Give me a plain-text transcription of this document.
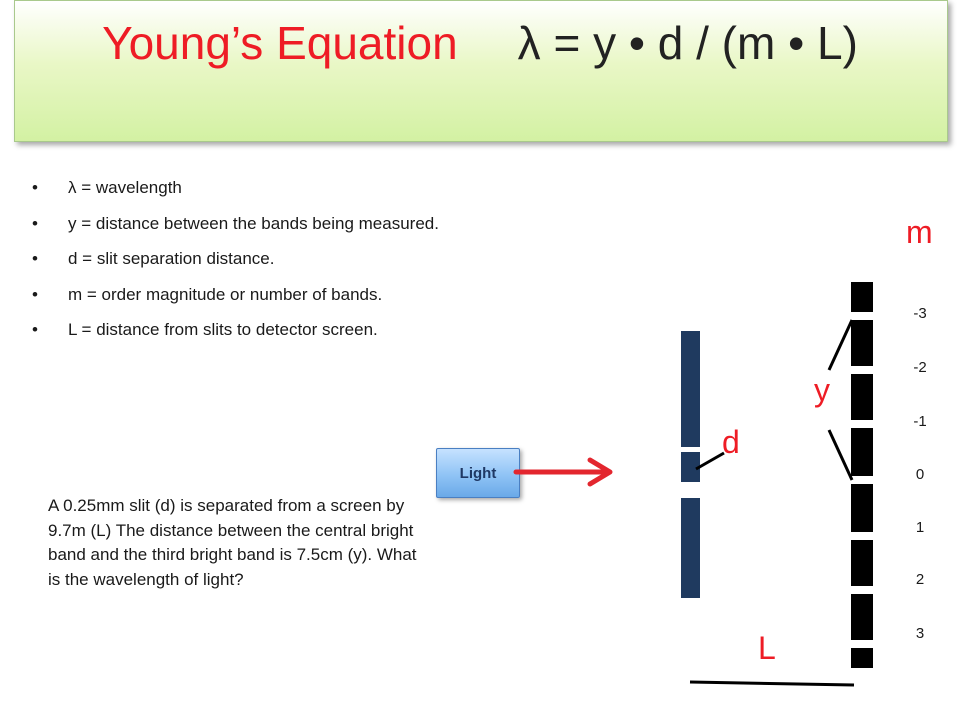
Young’s Equation λ = y • d / (m • L)
• λ = wavelength
• y = distance between the bands being measured.
• d = slit separation distance.
• m = order magnitude or number of bands.
• L = distance from slits to detector screen.
A 0.25mm slit (d) is separated from a screen by 9.7m (L) The distance between the central bright band and the third bright band is 7.5cm (y). What is the wavelength of light?
Light
m
y
d
L
-3
-2
-1
0
1
2
3
